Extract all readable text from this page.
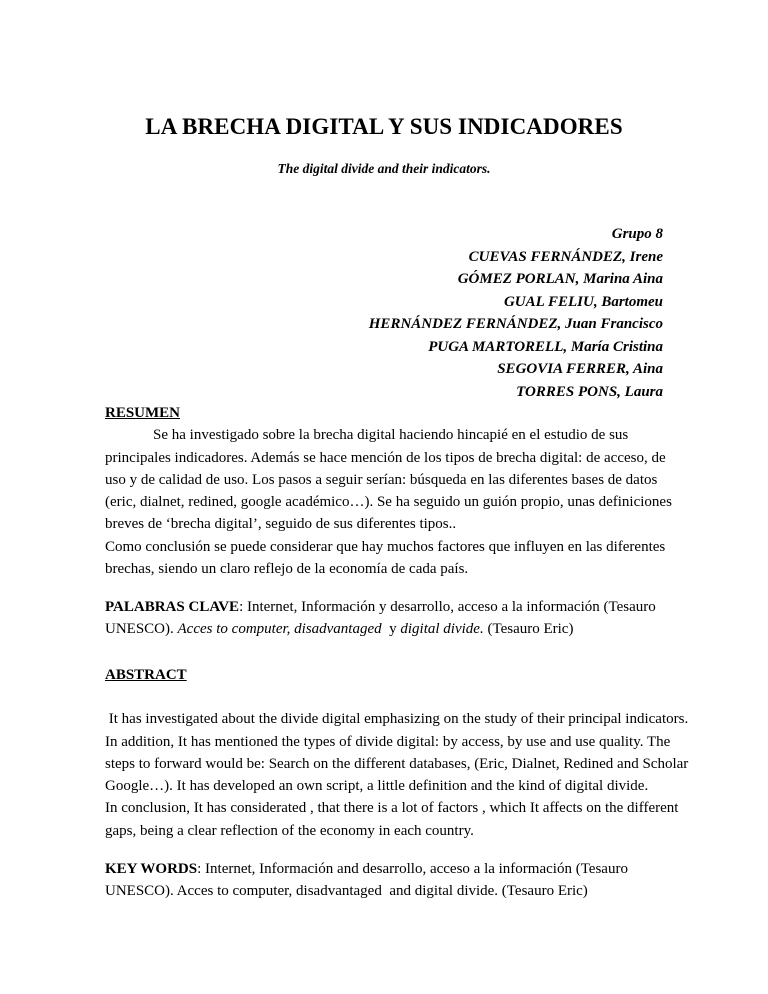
LA BRECHA DIGITAL Y SUS INDICADORES
The digital divide and their indicators.
Grupo 8
CUEVAS FERNÁNDEZ, Irene
GÓMEZ PORLAN, Marina Aina
GUAL FELIU, Bartomeu
HERNÁNDEZ FERNÁNDEZ, Juan Francisco
PUGA MARTORELL, María Cristina
SEGOVIA FERRER, Aina
TORRES PONS, Laura
RESUMEN
Se ha investigado sobre la brecha digital haciendo hincapié en el estudio de sus
principales indicadores. Además se hace mención de los tipos de brecha digital: de acceso, de
uso y de calidad de uso. Los pasos a seguir serían: búsqueda en las diferentes bases de datos
(eric, dialnet, redined, google académico…). Se ha seguido un guión propio, unas definiciones
breves de ‘brecha digital’, seguido de sus diferentes tipos..
Como conclusión se puede considerar que hay muchos factores que influyen en las diferentes
brechas, siendo un claro reflejo de la economía de cada país.
PALABRAS CLAVE: Internet, Información y desarrollo, acceso a la información (Tesauro
UNESCO). Acces to computer, disadvantaged  y digital divide. (Tesauro Eric)
ABSTRACT
It has investigated about the divide digital emphasizing on the study of their principal indicators.
In addition, It has mentioned the types of divide digital: by access, by use and use quality. The
steps to forward would be: Search on the different databases, (Eric, Dialnet, Redined and Scholar
Google…). It has developed an own script, a little definition and the kind of digital divide.
In conclusion, It has considerated , that there is a lot of factors , which It affects on the different
gaps, being a clear reflection of the economy in each country.
KEY WORDS: Internet, Información and desarrollo, acceso a la información (Tesauro
UNESCO). Acces to computer, disadvantaged  and digital divide. (Tesauro Eric)
